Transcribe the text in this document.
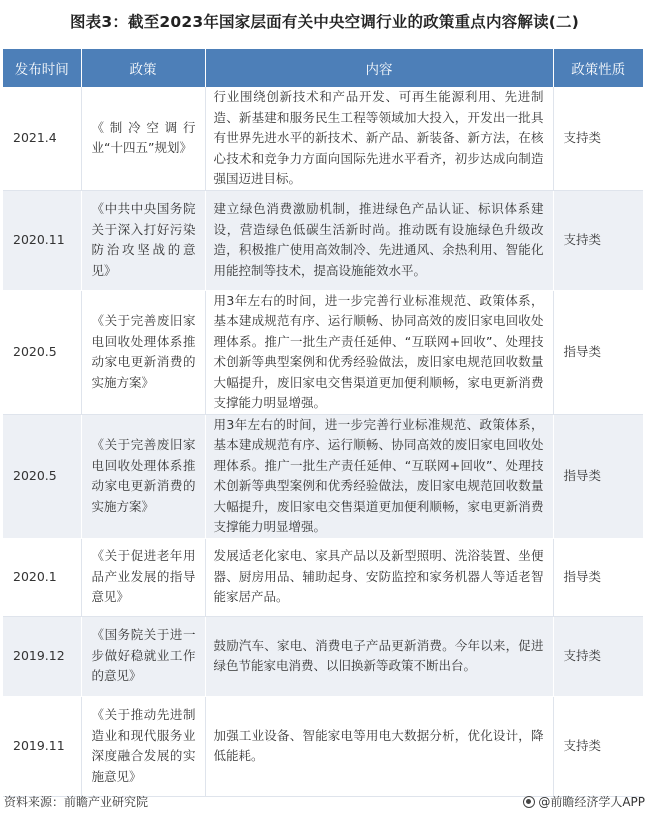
图表3：截至2023年国家层面有关中央空调行业的政策重点内容解读(二)
发布时间	政策	内容	政策性质
2021.4	《制冷空调行业“十四五”规划》	行业围绕创新技术和产品开发、可再生能源利用、先进制造、新基建和服务民生工程等领域加大投入，开发出一批具有世界先进水平的新技术、新产品、新装备、新方法，在核心技术和竞争力方面向国际先进水平看齐，初步达成向制造强国迈进目标。	支持类
2020.11	《中共中央国务院关于深入打好污染防治攻坚战的意见》	建立绿色消费激励机制，推进绿色产品认证、标识体系建设，营造绿色低碳生活新时尚。推动既有设施绿色升级改造，积极推广使用高效制冷、先进通风、余热利用、智能化用能控制等技术，提高设施能效水平。	支持类
2020.5	《关于完善废旧家电回收处理体系推动家电更新消费的实施方案》	用3年左右的时间，进一步完善行业标准规范、政策体系，基本建成规范有序、运行顺畅、协同高效的废旧家电回收处理体系。推广一批生产责任延伸、“互联网+回收”、处理技术创新等典型案例和优秀经验做法，废旧家电规范回收数量大幅提升，废旧家电交售渠道更加便利顺畅，家电更新消费支撑能力明显增强。	指导类
2020.5	《关于完善废旧家电回收处理体系推动家电更新消费的实施方案》	用3年左右的时间，进一步完善行业标准规范、政策体系，基本建成规范有序、运行顺畅、协同高效的废旧家电回收处理体系。推广一批生产责任延伸、“互联网+回收”、处理技术创新等典型案例和优秀经验做法，废旧家电规范回收数量大幅提升，废旧家电交售渠道更加便利顺畅，家电更新消费支撑能力明显增强。	指导类
2020.1	《关于促进老年用品产业发展的指导意见》	发展适老化家电、家具产品以及新型照明、洗浴装置、坐便器、厨房用品、辅助起身、安防监控和家务机器人等适老智能家居产品。	指导类
2019.12	《国务院关于进一步做好稳就业工作的意见》	鼓励汽车、家电、消费电子产品更新消费。今年以来，促进绿色节能家电消费、以旧换新等政策不断出台。	支持类
2019.11	《关于推动先进制造业和现代服务业深度融合发展的实施意见》	加强工业设备、智能家电等用电大数据分析，优化设计，降低能耗。	支持类
资料来源：前瞻产业研究院	@前瞻经济学人APP
